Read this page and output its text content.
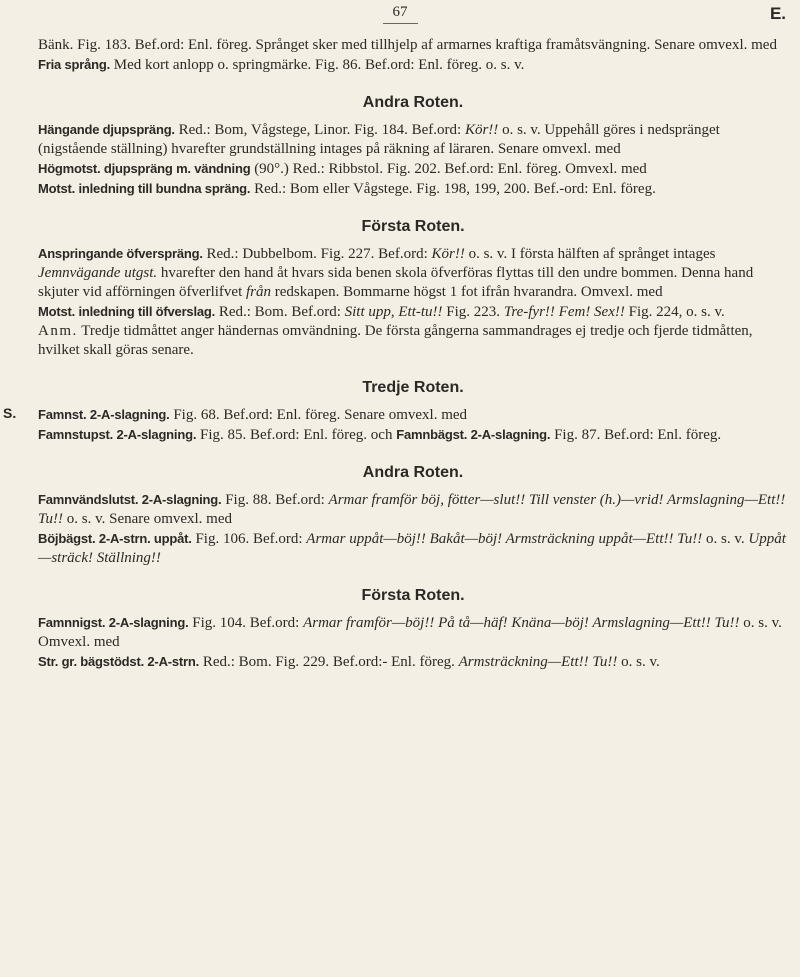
67	E.

Bänk. Fig. 183. Bef.ord: Enl. föreg. Språnget sker med tillhjelp af armarnes kraftiga framåtsvängning. Senare omvexl. med

Fria språng. Med kort anlopp o. springmärke. Fig. 86. Bef.ord: Enl. föreg. o. s. v.

Andra Roten.

Hängande djupspräng. Red.: Bom, Vågstege, Linor. Fig. 184. Bef.ord: Kör!! o. s. v. Uppehåll göres i nedspränget (nigstående ställning) hvarefter grundställning intages på räkning af läraren. Senare omvexl. med

Högmotst. djupspräng m. vändning (90°.) Red.: Ribbstol. Fig. 202. Bef.ord: Enl. föreg. Omvexl. med

Motst. inledning till bundna spräng. Red.: Bom eller Vågstege. Fig. 198, 199, 200. Bef.-ord: Enl. föreg.

Första Roten.

Anspringande öfverspräng. Red.: Dubbelbom. Fig. 227. Bef.ord: Kör!! o. s. v. I första hälften af språnget intages Jemnvägande utgst. hvarefter den hand åt hvars sida benen skola öfverföras flyttas till den undre bommen. Denna hand skjuter vid afförningen öfverlifvet från redskapen. Bommarne högst 1 fot ifrån hvarandra. Omvexl. med

Motst. inledning till öfverslag. Red.: Bom. Bef.ord: Sitt upp, Ett-tu!! Fig. 223. Tre-fyr!! Fem! Sex!! Fig. 224, o. s. v.

Anm. Tredje tidmåttet anger händernas omvändning. De första gångerna sammandrages ej tredje och fjerde tidmåtten, hvilket skall göras senare.

Tredje Roten.

Famnst. 2-A-slagning. Fig. 68. Bef.ord: Enl. föreg. Senare omvexl. med

Famnstupst. 2-A-slagning. Fig. 85. Bef.ord: Enl. föreg. och Famnbägst. 2-A-slagning. Fig. 87. Bef.ord: Enl. föreg.

Andra Roten.

Famnvändslutst. 2-A-slagning. Fig. 88. Bef.ord: Armar framför böj, fötter—slut!! Till venster (h.)—vrid! Armslagning—Ett!! Tu!! o. s. v. Senare omvexl. med

Böjbägst. 2-A-strn. uppåt. Fig. 106. Bef.ord: Armar uppåt—böj!! Bakåt—böj! Armsträckning uppåt—Ett!! Tu!! o. s. v. Uppåt—sträck! Ställning!!

Första Roten.

Famnnigst. 2-A-slagning. Fig. 104. Bef.ord: Armar framför—böj!! På tå—häf! Knäna—böj! Armslagning—Ett!! Tu!! o. s. v. Omvexl. med

Str. gr. bägstödst. 2-A-strn. Red.: Bom. Fig. 229. Bef.ord:- Enl. föreg. Armsträckning—Ett!! Tu!! o. s. v.

S.
